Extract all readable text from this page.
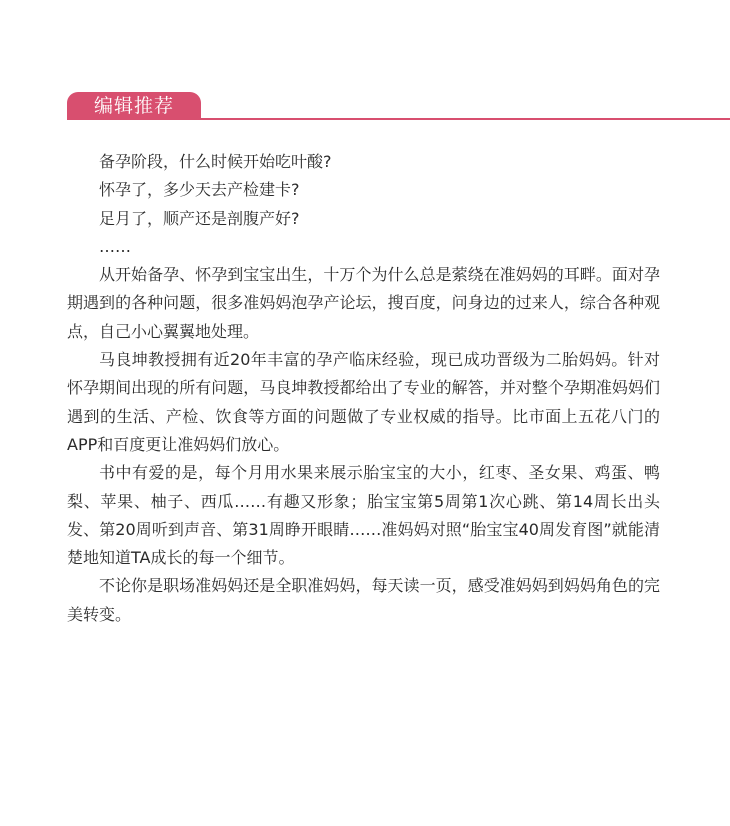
编辑推荐

备孕阶段，什么时候开始吃叶酸?

怀孕了，多少天去产检建卡?

足月了，顺产还是剖腹产好?

……

从开始备孕、怀孕到宝宝出生，十万个为什么总是萦绕在准妈妈的耳畔。面对孕期遇到的各种问题，很多准妈妈泡孕产论坛，搜百度，问身边的过来人，综合各种观点，自己小心翼翼地处理。

马良坤教授拥有近20年丰富的孕产临床经验，现已成功晋级为二胎妈妈。针对怀孕期间出现的所有问题，马良坤教授都给出了专业的解答，并对整个孕期准妈妈们遇到的生活、产检、饮食等方面的问题做了专业权威的指导。比市面上五花八门的APP和百度更让准妈妈们放心。

书中有爱的是，每个月用水果来展示胎宝宝的大小，红枣、圣女果、鸡蛋、鸭梨、苹果、柚子、西瓜……有趣又形象；胎宝宝第5周第1次心跳、第14周长出头发、第20周听到声音、第31周睁开眼睛……准妈妈对照“胎宝宝40周发育图”就能清楚地知道TA成长的每一个细节。

不论你是职场准妈妈还是全职准妈妈，每天读一页，感受准妈妈到妈妈角色的完美转变。
